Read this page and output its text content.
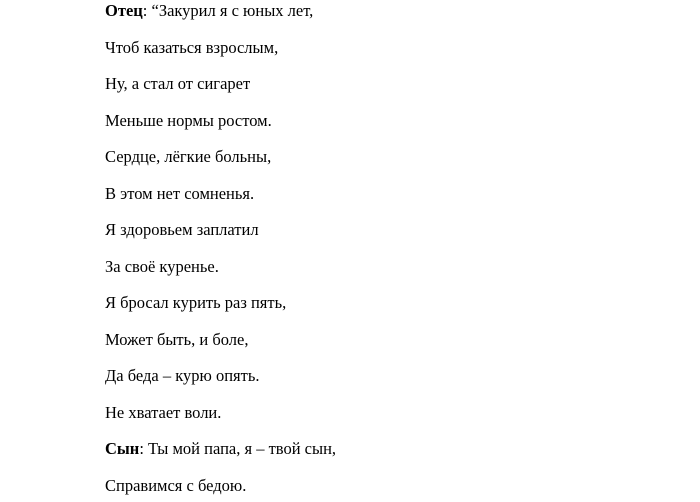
Отец: “Закурил я с юных лет,
Чтоб казаться взрослым,
Ну, а стал от сигарет
Меньше нормы ростом.
Сердце, лёгкие больны,
В этом нет сомненья.
Я здоровьем заплатил
За своё куренье.
Я бросал курить раз пять,
Может быть, и боле,
Да беда – курю опять.
Не хватает воли.
Сын: Ты мой папа, я – твой сын,
Справимся с бедою.
